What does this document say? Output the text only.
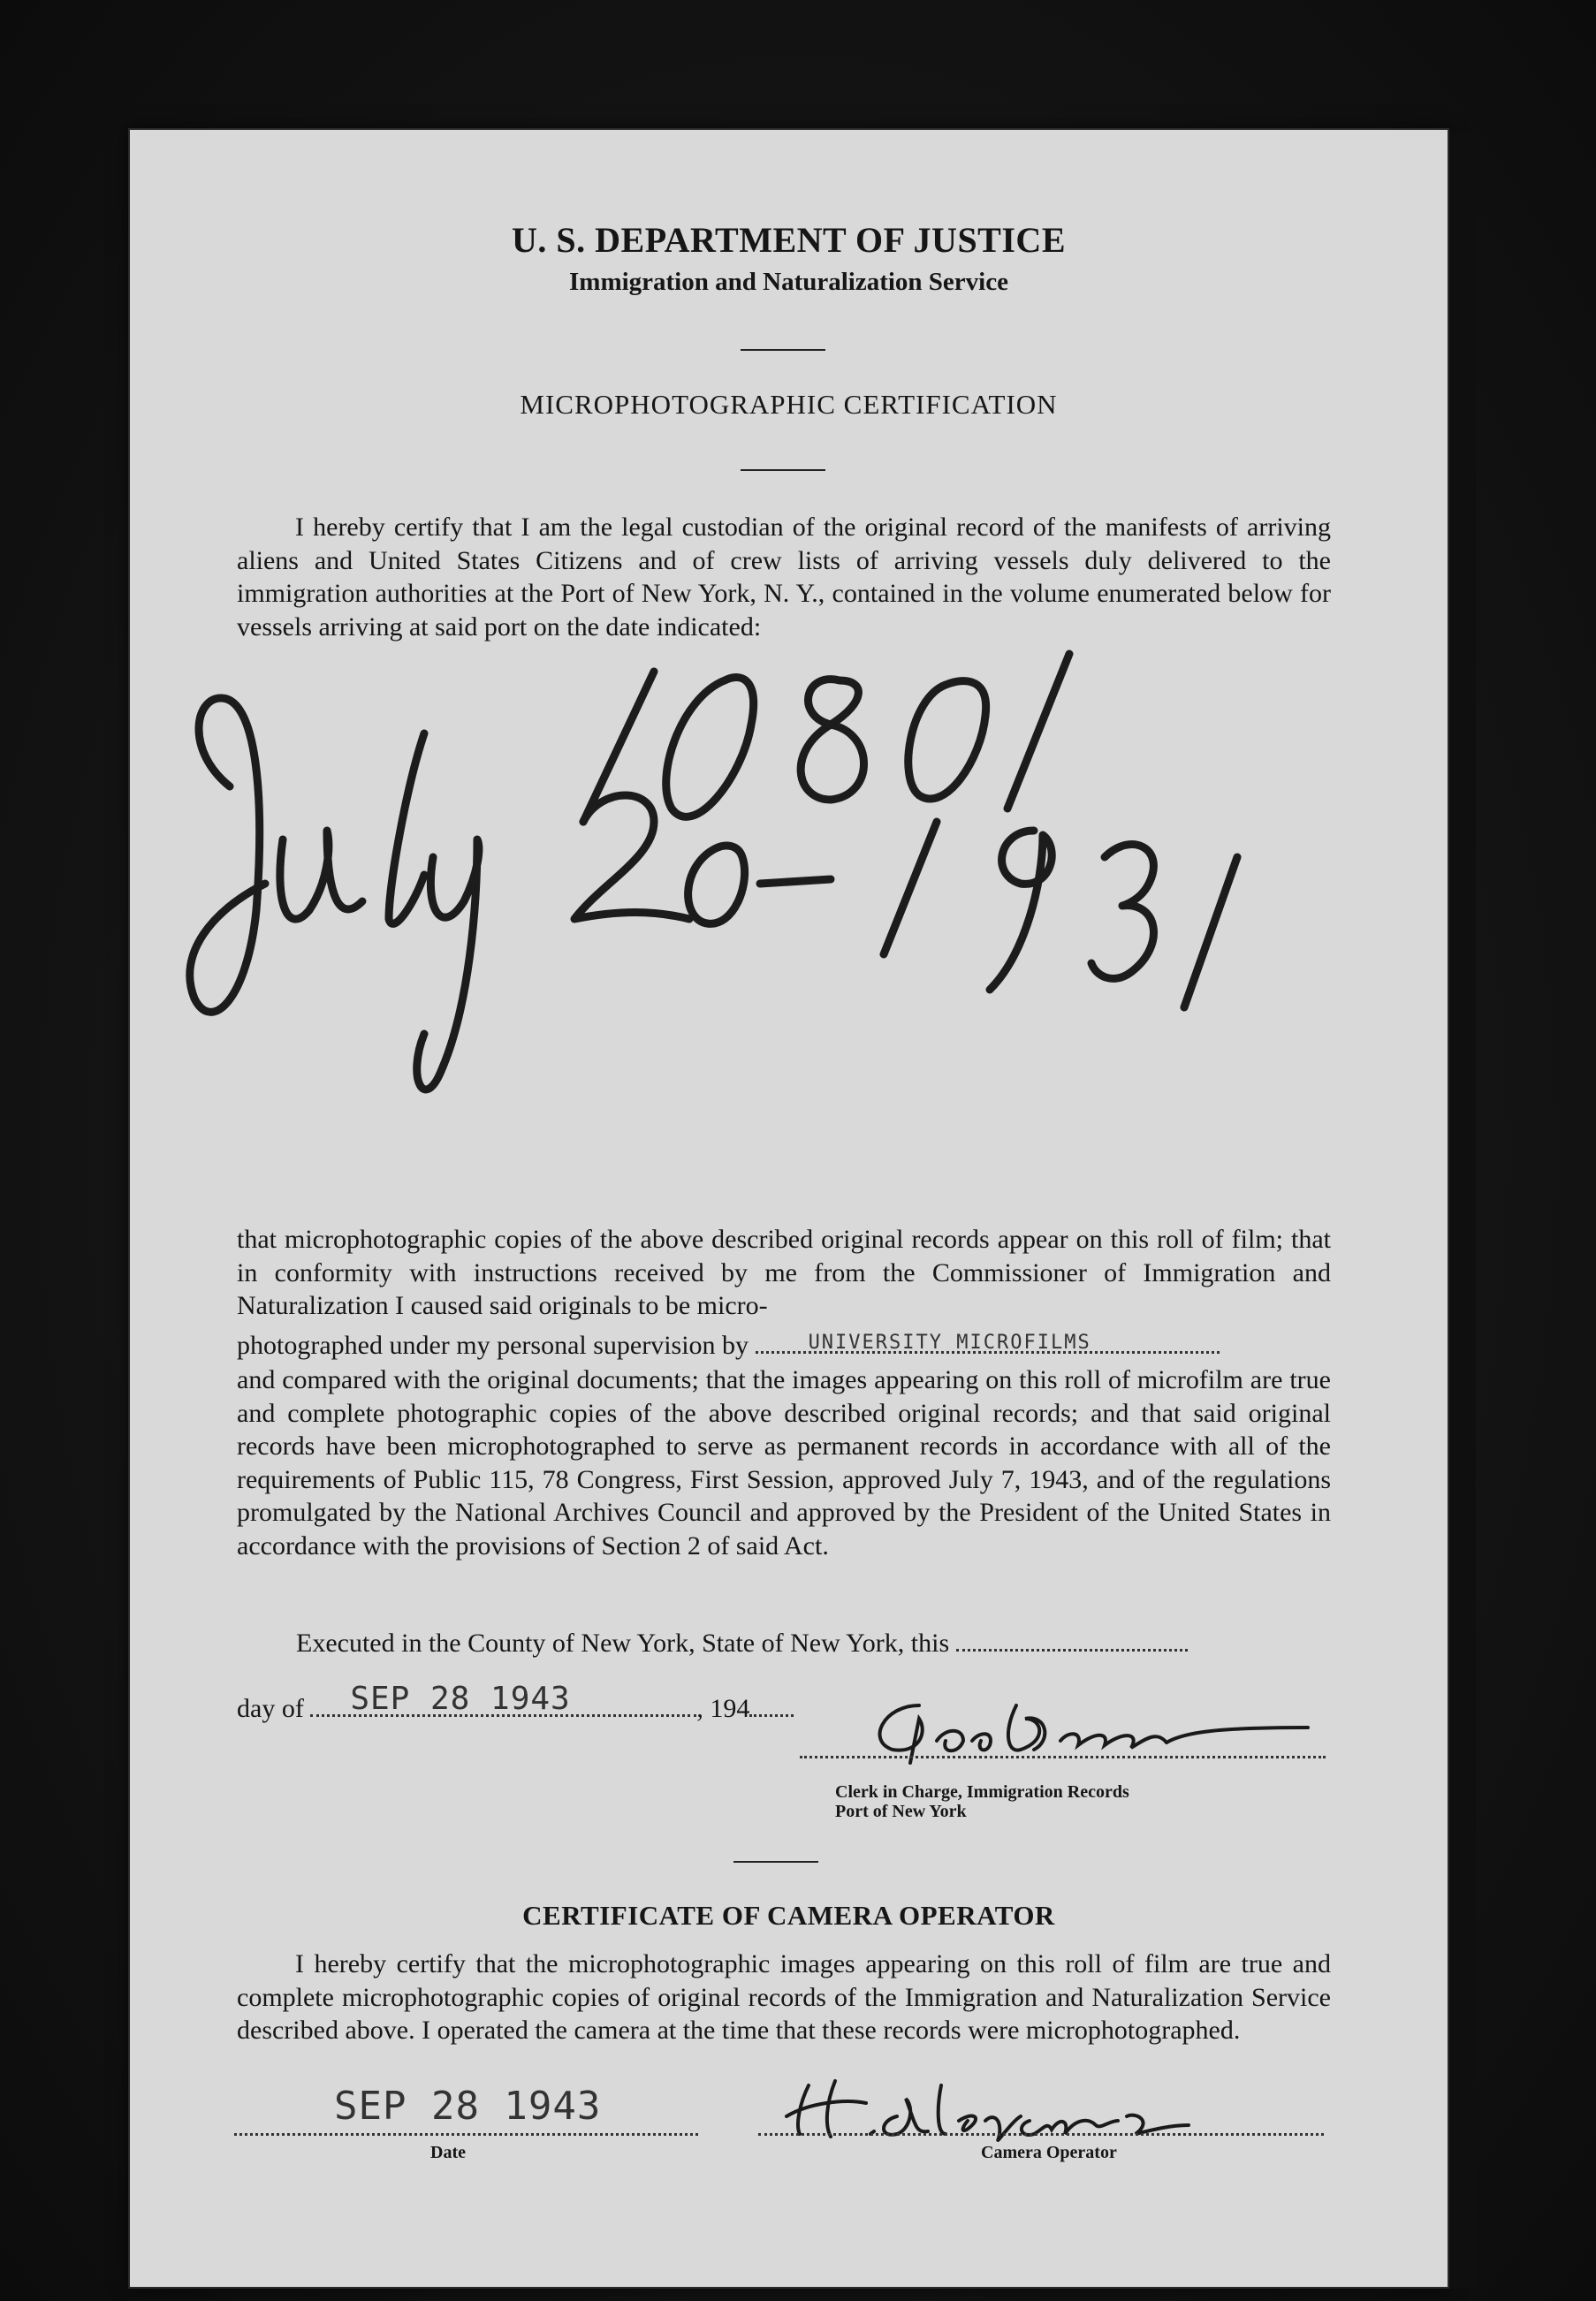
U. S. DEPARTMENT OF JUSTICE
Immigration and Naturalization Service
MICROPHOTOGRAPHIC CERTIFICATION
I hereby certify that I am the legal custodian of the original record of the manifests of arriving aliens and United States Citizens and of crew lists of arriving vessels duly delivered to the immigration authorities at the Port of New York, N. Y., contained in the volume enumerated below for vessels arriving at said port on the date indicated:
that microphotographic copies of the above described original records appear on this roll of film; that in conformity with instructions received by me from the Commissioner of Immigration and Naturalization I caused said originals to be micro-
photographed under my personal supervision by	UNIVERSITY MICROFILMS
and compared with the original documents; that the images appearing on this roll of microfilm are true and complete photographic copies of the above described original records; and that said original records have been microphotographed to serve as permanent records in accordance with all of the requirements of Public 115, 78 Congress, First Session, approved July 7, 1943, and of the regulations promulgated by the National Archives Council and approved by the President of the United States in accordance with the provisions of Section 2 of said Act.
Executed in the County of New York, State of New York, this
day of SEP 28 1943	, 194
Clerk in Charge, Immigration Records
Port of New York
CERTIFICATE OF CAMERA OPERATOR
I hereby certify that the microphotographic images appearing on this roll of film are true and complete microphotographic copies of original records of the Immigration and Naturalization Service described above. I operated the camera at the time that these records were microphotographed.
SEP 28 1943
Date	Camera Operator
